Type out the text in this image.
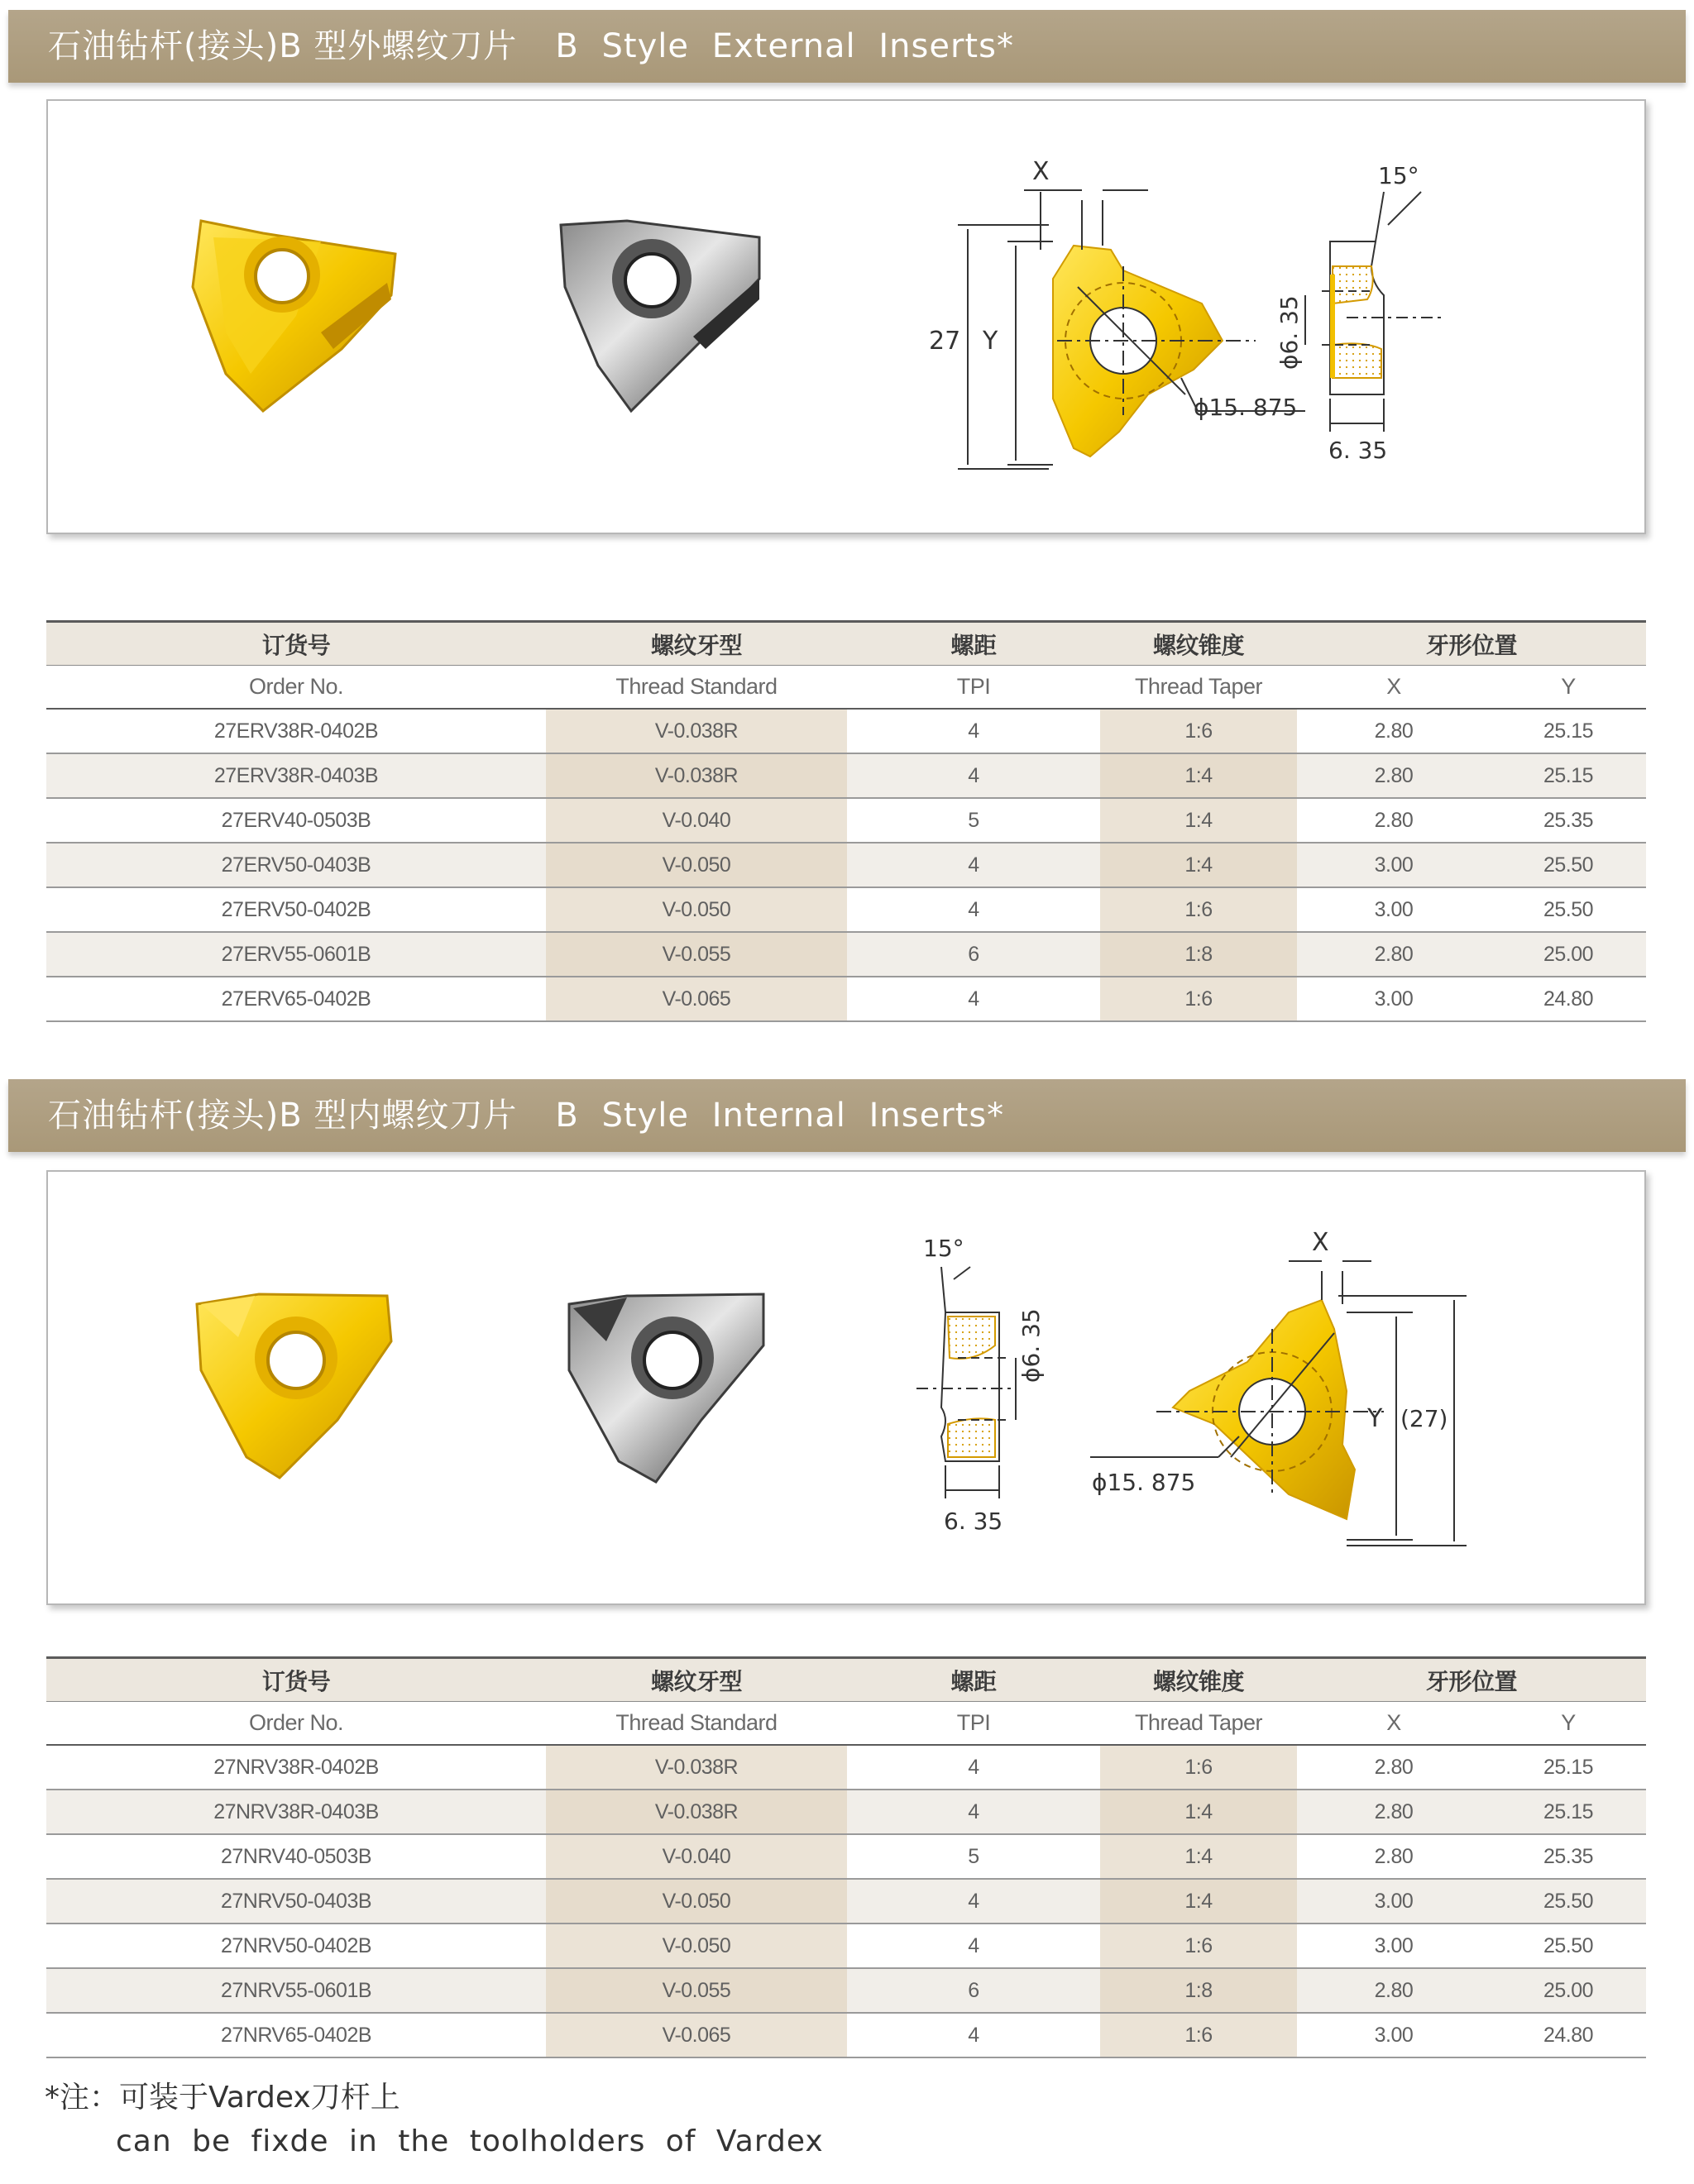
石油钻杆(接头)B 型外螺纹刀片 B Style External Inserts*
X
27 Y
ϕ15. 875
6. 35
15°
ϕ6. 35
订货号	螺纹牙型	螺距	螺纹锥度	牙形位置
Order No.	Thread Standard	TPI	Thread Taper	X	Y
27ERV38R-0402B	V-0.038R	4	1:6	2.80	25.15
27ERV38R-0403B	V-0.038R	4	1:4	2.80	25.15
27ERV40-0503B	V-0.040	5	1:4	2.80	25.35
27ERV50-0403B	V-0.050	4	1:4	3.00	25.50
27ERV50-0402B	V-0.050	4	1:6	3.00	25.50
27ERV55-0601B	V-0.055	6	1:8	2.80	25.00
27ERV65-0402B	V-0.065	4	1:6	3.00	24.80
石油钻杆(接头)B 型内螺纹刀片 B Style Internal Inserts*
X
Y (27)
ϕ15. 875
6. 35
15°
ϕ6. 35
订货号	螺纹牙型	螺距	螺纹锥度	牙形位置
Order No.	Thread Standard	TPI	Thread Taper	X	Y
27NRV38R-0402B	V-0.038R	4	1:6	2.80	25.15
27NRV38R-0403B	V-0.038R	4	1:4	2.80	25.15
27NRV40-0503B	V-0.040	5	1:4	2.80	25.35
27NRV50-0403B	V-0.050	4	1:4	3.00	25.50
27NRV50-0402B	V-0.050	4	1:6	3.00	25.50
27NRV55-0601B	V-0.055	6	1:8	2.80	25.00
27NRV65-0402B	V-0.065	4	1:6	3.00	24.80
*注：可装于Vardex刀杆上
can be fixde in the toolholders of Vardex
